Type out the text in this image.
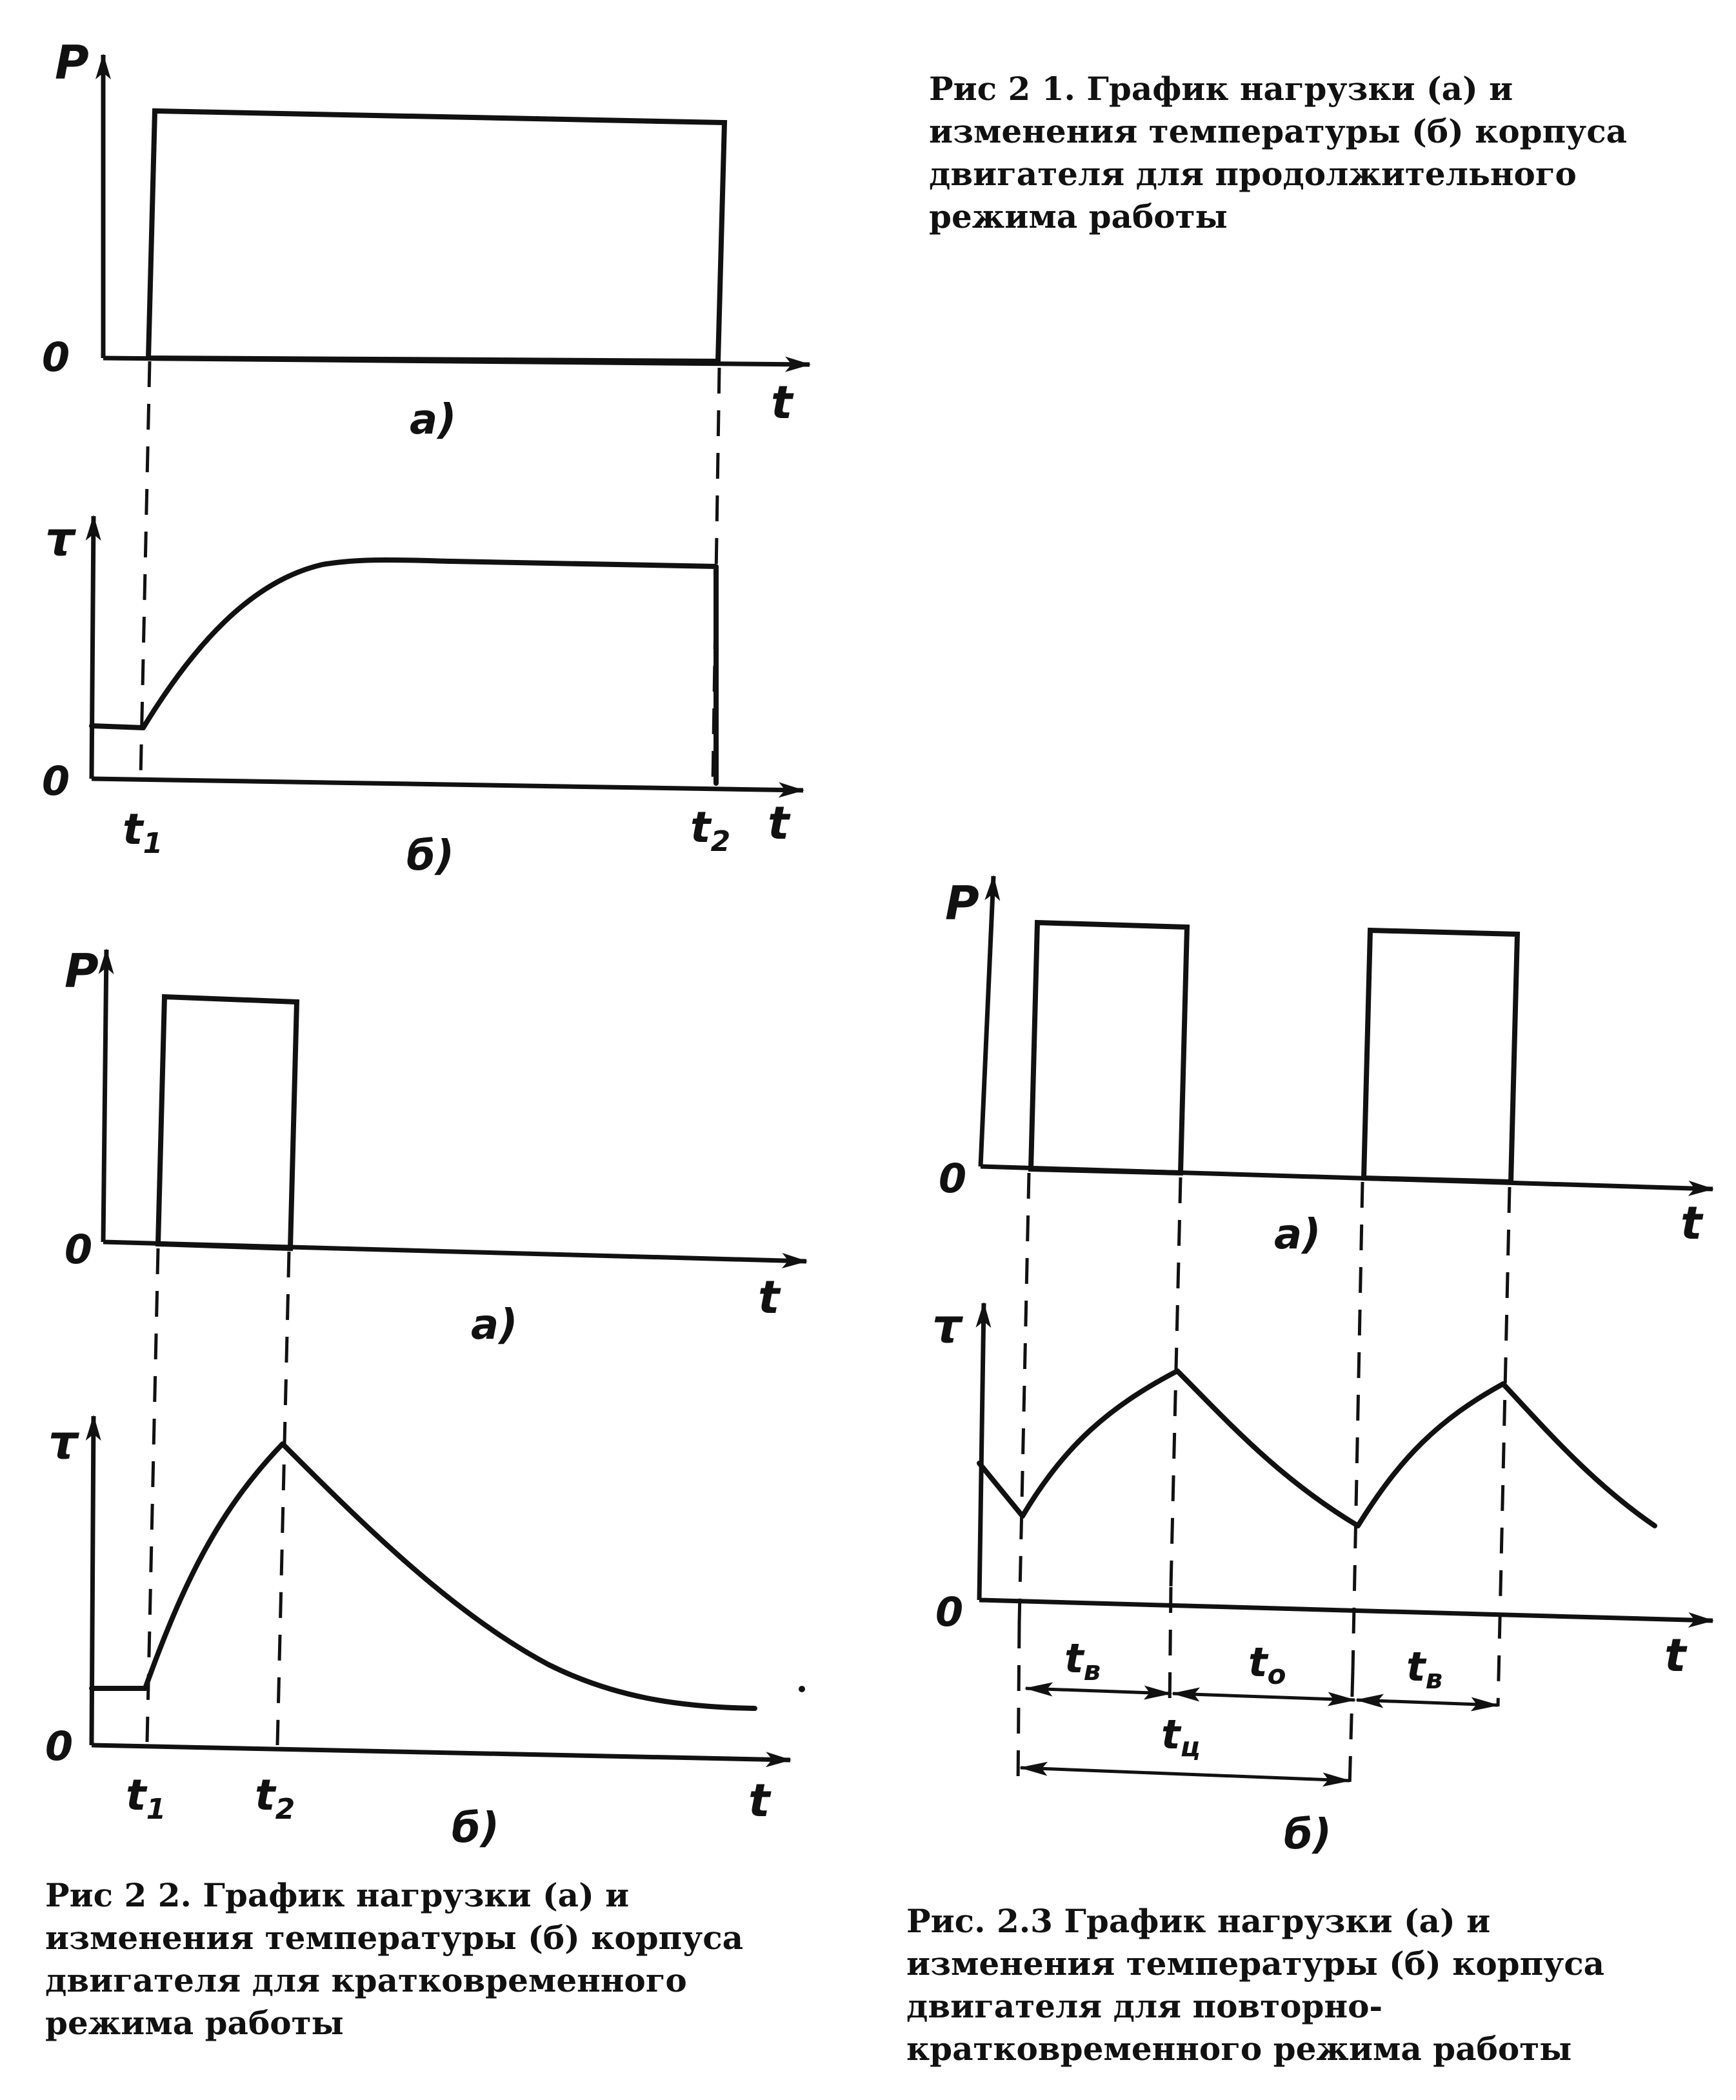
P
0
t
а)
τ
0
t
$t_1$	$t_2$
б)
P
0
t
а)
τ
0
t
$t_1$ $t_2$	б)
P
0
t
а)
τ
0
t
tв	tо	tв
tц
б)

Рис 2 1. График нагрузки (а) и изменения температуры (б) корпуса двигателя для продолжительного режима работы

Рис 2 2. График нагрузки (а) и изменения температуры (б) корпуса двигателя для кратковременного режима работы

Рис. 2.3 График нагрузки (а) и изменения температуры (б) корпуса двигателя для повторно-кратковременного режима работы
